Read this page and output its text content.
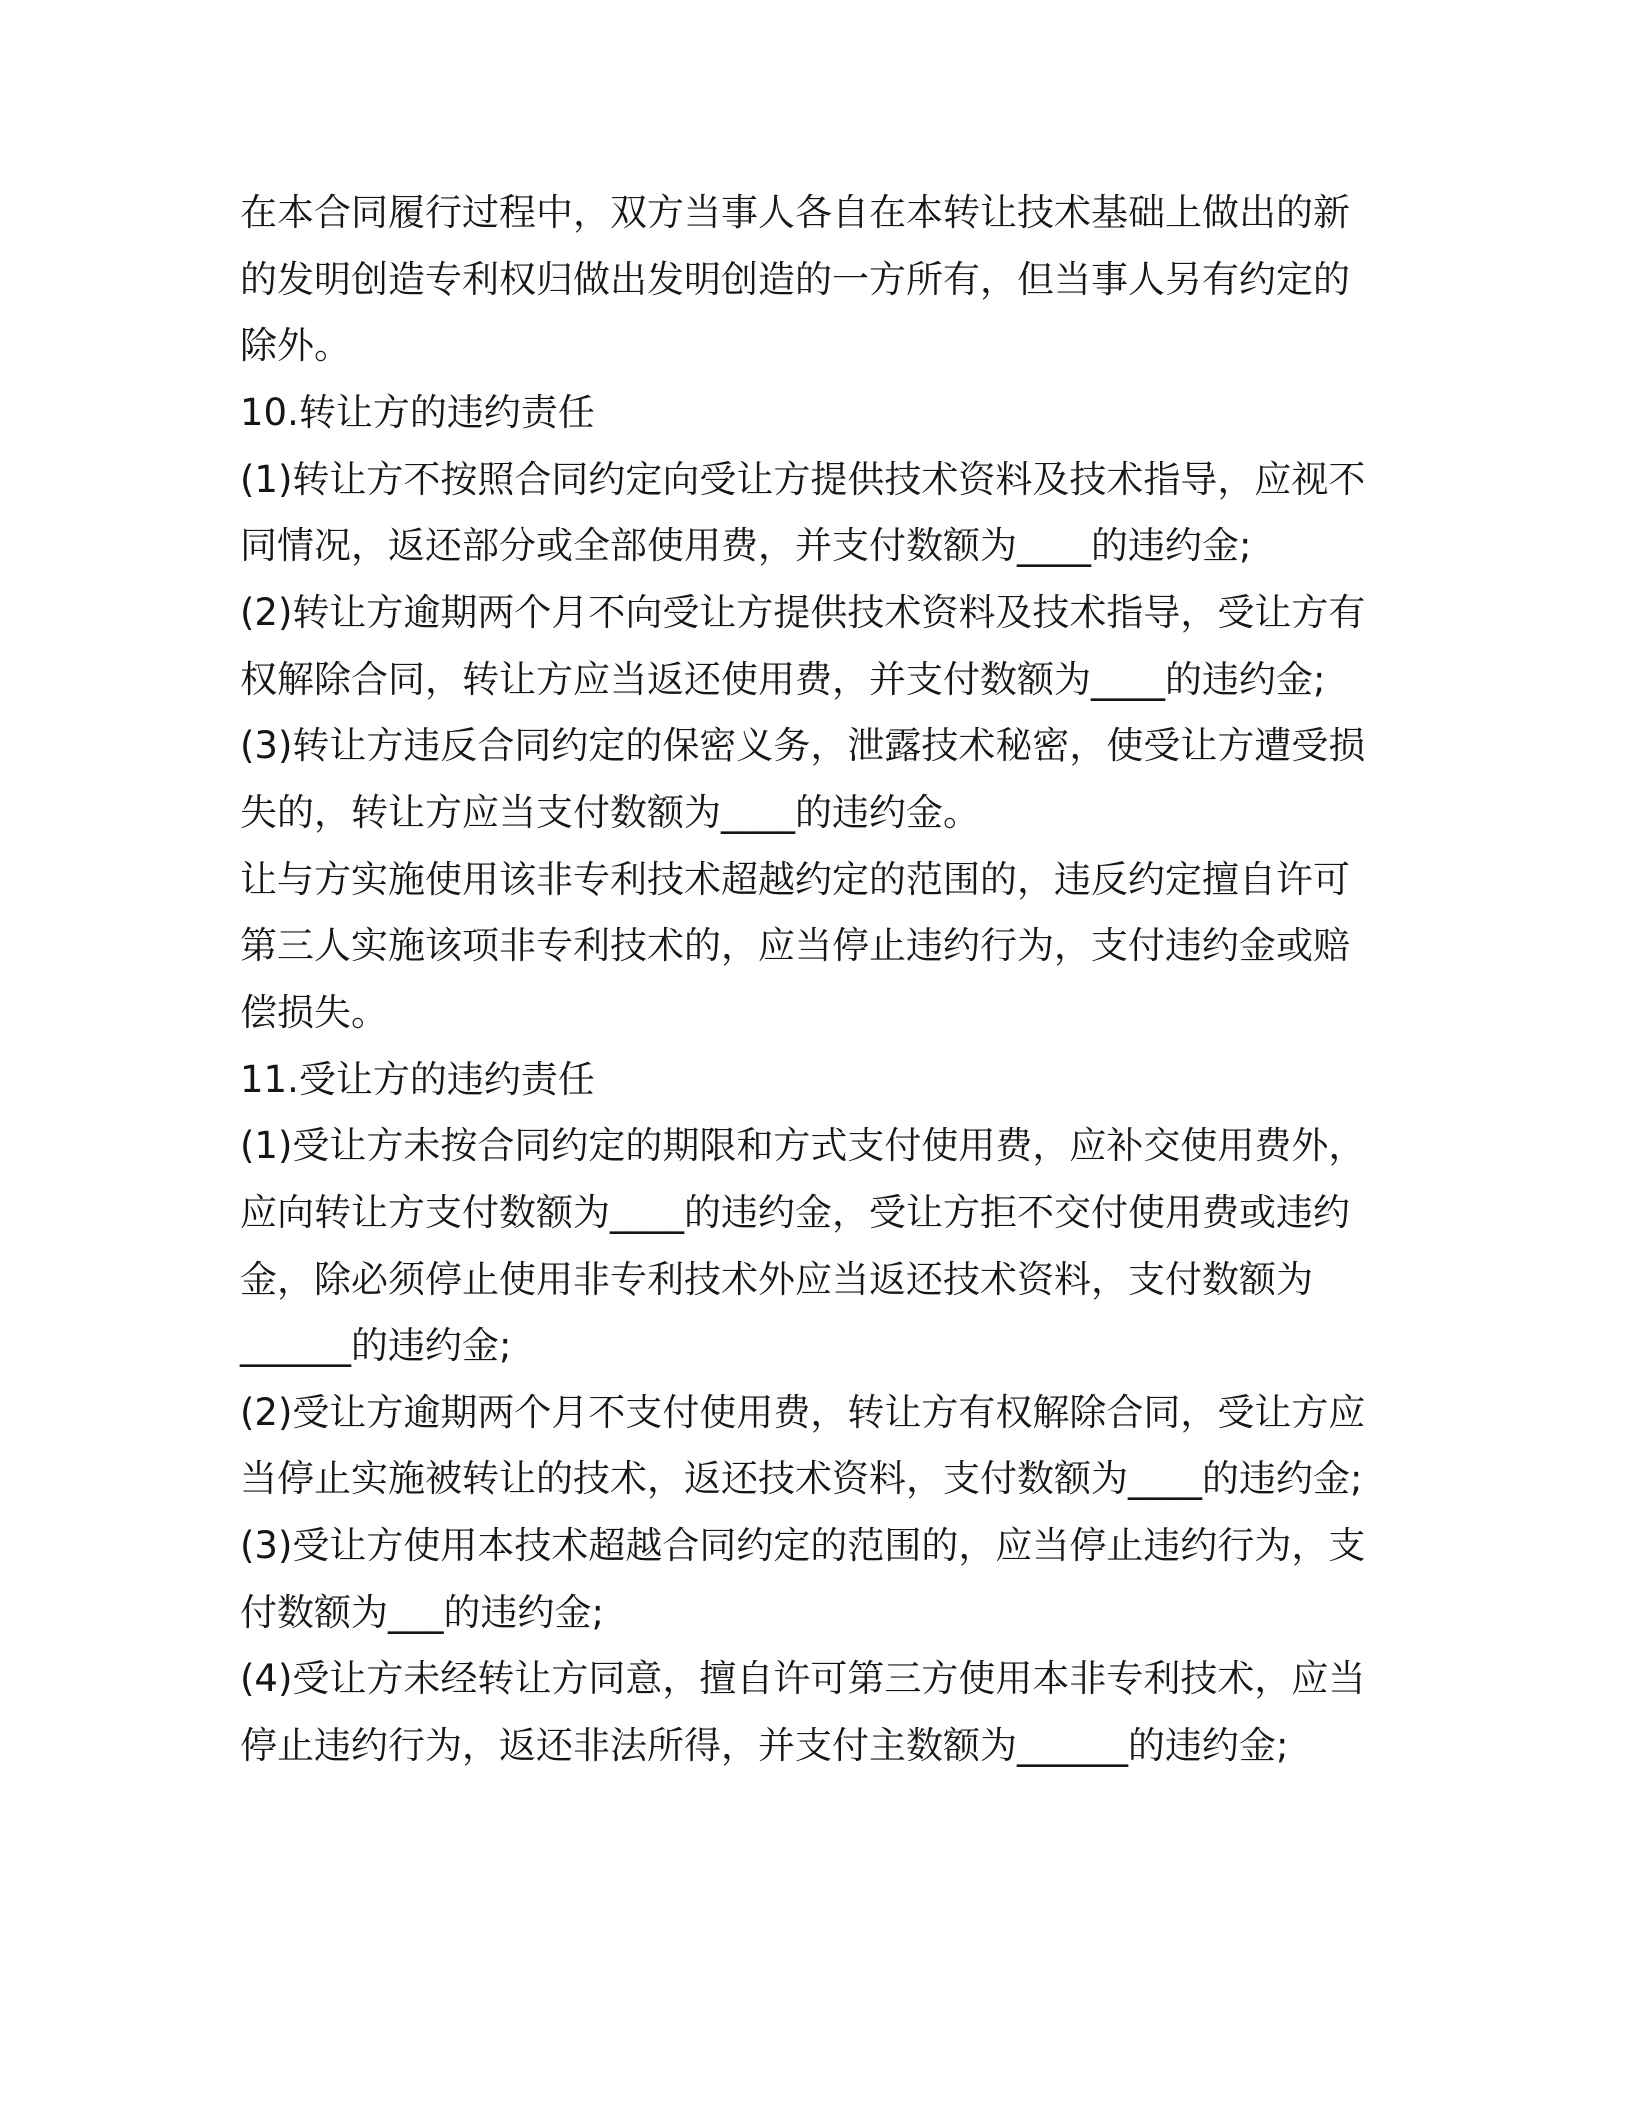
在本合同履行过程中，双方当事人各自在本转让技术基础上做出的新
的发明创造专利权归做出发明创造的一方所有，但当事人另有约定的
除外。
10.转让方的违约责任
(1)转让方不按照合同约定向受让方提供技术资料及技术指导，应视不
同情况，返还部分或全部使用费，并支付数额为____的违约金;
(2)转让方逾期两个月不向受让方提供技术资料及技术指导，受让方有
权解除合同，转让方应当返还使用费，并支付数额为____的违约金;
(3)转让方违反合同约定的保密义务，泄露技术秘密，使受让方遭受损
失的，转让方应当支付数额为____的违约金。
让与方实施使用该非专利技术超越约定的范围的，违反约定擅自许可
第三人实施该项非专利技术的，应当停止违约行为，支付违约金或赔
偿损失。
11.受让方的违约责任
(1)受让方未按合同约定的期限和方式支付使用费，应补交使用费外，
应向转让方支付数额为____的违约金，受让方拒不交付使用费或违约
金，除必须停止使用非专利技术外应当返还技术资料，支付数额为
______的违约金;
(2)受让方逾期两个月不支付使用费，转让方有权解除合同，受让方应
当停止实施被转让的技术，返还技术资料，支付数额为____的违约金;
(3)受让方使用本技术超越合同约定的范围的，应当停止违约行为，支
付数额为___的违约金;
(4)受让方未经转让方同意，擅自许可第三方使用本非专利技术，应当
停止违约行为，返还非法所得，并支付主数额为______的违约金;
